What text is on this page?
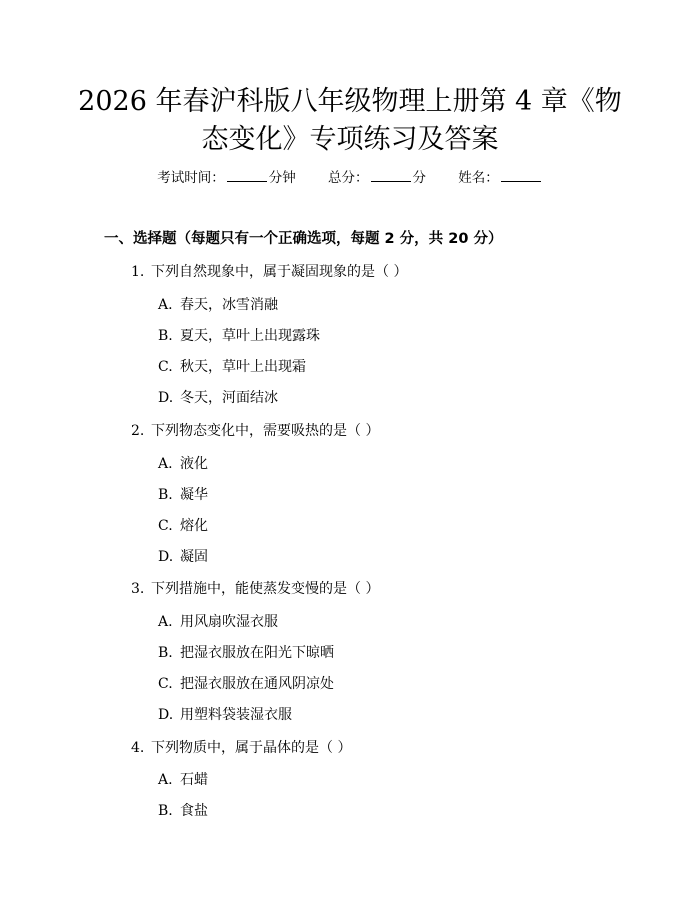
2026 年春沪科版八年级物理上册第 4 章《物
态变化》专项练习及答案
考试时间：	分钟 总分：	分 姓名：
一、选择题（每题只有一个正确选项，每题 2 分，共 20 分）
1. 下列自然现象中，属于凝固现象的是（ ）
A. 春天，冰雪消融
B. 夏天，草叶上出现露珠
C. 秋天，草叶上出现霜
D. 冬天，河面结冰
2. 下列物态变化中，需要吸热的是（ ）
A. 液化
B. 凝华
C. 熔化
D. 凝固
3. 下列措施中，能使蒸发变慢的是（ ）
A. 用风扇吹湿衣服
B. 把湿衣服放在阳光下晾晒
C. 把湿衣服放在通风阴凉处
D. 用塑料袋装湿衣服
4. 下列物质中，属于晶体的是（ ）
A. 石蜡
B. 食盐
